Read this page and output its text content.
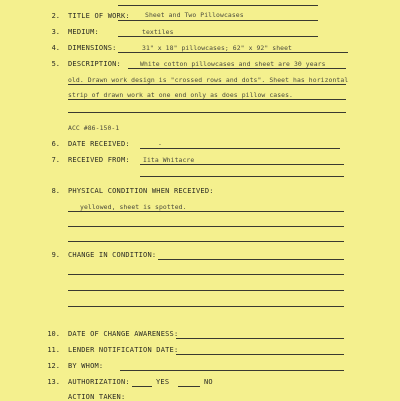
2. TITLE OF WORK: Sheet and Two Pillowcases
3. MEDIUM:	textiles
4. DIMENSIONS:	31" x 18" pillowcases; 62" x 92" sheet
5. DESCRIPTION:	White cotton pillowcases and sheet are 30 years
old. Drawn work design is "crossed rows and dots". Sheet has horizontal
strip of drawn work at one end only as does pillow cases.
ACC #86-150-1
6. DATE RECEIVED:	-
7. RECEIVED FROM: Iita Whitacre
8. PHYSICAL CONDITION WHEN RECEIVED:
yellowed, sheet is spotted.
9. CHANGE IN CONDITION:
10. DATE OF CHANGE AWARENESS:
11. LENDER NOTIFICATION DATE:
12. BY WHOM:
13. AUTHORIZATION:	YES	NO
ACTION TAKEN:
